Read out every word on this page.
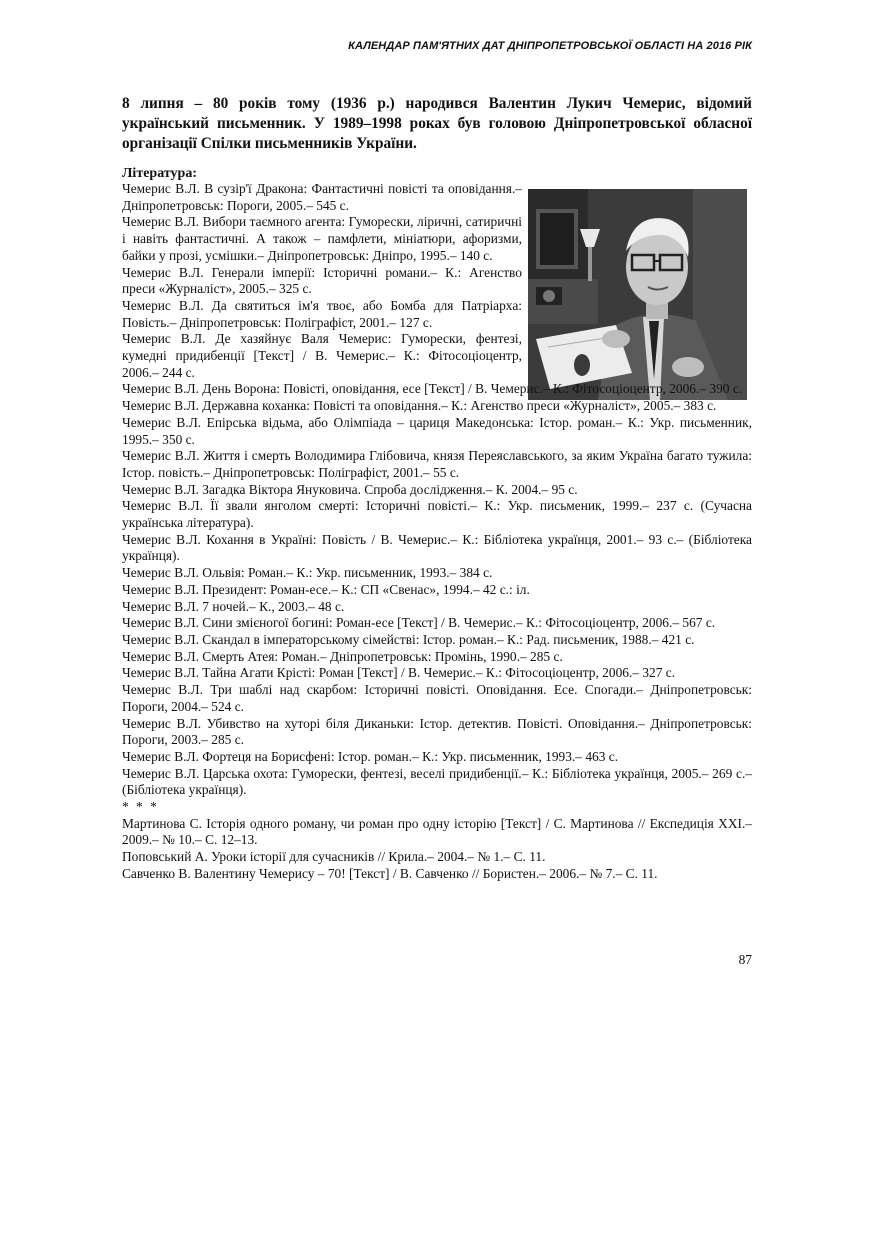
КАЛЕНДАР ПАМ'ЯТНИХ ДАТ ДНІПРОПЕТРОВСЬКОЇ ОБЛАСТІ НА 2016 РІК
8 липня – 80 років тому (1936 р.) народився Валентин Лукич Чемерис, відомий український письменник. У 1989–1998 роках був головою Дніпропетровської обласної організації Спілки письменників України.
Література:

Чемерис В.Л. В сузір'ї Дракона: Фантастичні повісті та оповідання.– Дніпропетровськ: Пороги, 2005.– 545 с.

Чемерис В.Л. Вибори таємного агента: Гуморески, ліричні, сатиричні і навіть фантастичні. А також – памфлети, мініатюри, афоризми, байки у прозі, усмішки.– Дніпропетровськ: Дніпро, 1995.– 140 с.

Чемерис В.Л. Генерали імперії: Історичні романи.– К.: Агенство преси «Журналіст», 2005.– 325 с.

Чемерис В.Л. Да святиться ім'я твоє, або Бомба для Патріарха: Повість.– Дніпропетровськ: Поліграфіст, 2001.– 127 с.

Чемерис В.Л. Де хазяйнує Валя Чемерис: Гуморески, фентезі, кумедні придибенції [Текст] / В. Чемерис.– К.: Фітосоціоцентр, 2006.– 244 с.

Чемерис В.Л. День Ворона: Повісті, оповідання, есе [Текст] / В. Чемерис.– К.: Фітосоціоцентр, 2006.– 390 с.

Чемерис В.Л. Державна коханка: Повісті та оповідання.– К.: Агенство преси «Журналіст», 2005.– 383 с.

Чемерис В.Л. Епірська відьма, або Олімпіада – цариця Македонська: Істор. роман.– К.: Укр. письменник, 1995.– 350 с.

Чемерис В.Л. Життя і смерть Володимира Глібовича, князя Переяславського, за яким Україна багато тужила: Істор. повість.– Дніпропетровськ: Поліграфіст, 2001.– 55 с.

Чемерис В.Л. Загадка Віктора Януковича. Спроба дослідження.– К. 2004.– 95 с.

Чемерис В.Л. Її звали янголом смерті: Історичні повісті.– К.: Укр. письменик, 1999.– 237 с. (Сучасна українська література).

Чемерис В.Л. Кохання в Україні: Повість / В. Чемерис.– К.: Бібліотека українця, 2001.– 93 с.– (Бібліотека українця).

Чемерис В.Л. Ольвія: Роман.– К.: Укр. письменник, 1993.– 384 с.

Чемерис В.Л. Президент: Роман-есе.– К.: СП «Свенас», 1994.– 42 с.: іл.

Чемерис В.Л. 7 ночей.– К., 2003.– 48 с.

Чемерис В.Л. Сини змієногої богині: Роман-есе [Текст] / В. Чемерис.– К.: Фітосоціоцентр, 2006.– 567 с.

Чемерис В.Л. Скандал в імператорському сімействі: Істор. роман.– К.: Рад. письменик, 1988.– 421 с.

Чемерис В.Л. Смерть Атея: Роман.– Дніпропетровськ: Промінь, 1990.– 285 с.

Чемерис В.Л. Тайна Агати Крісті: Роман [Текст] / В. Чемерис.– К.: Фітосоціоцентр, 2006.– 327 с.

Чемерис В.Л. Три шаблі над скарбом: Історичні повісті. Оповідання. Есе. Спогади.– Дніпропетровськ: Пороги, 2004.– 524 с.

Чемерис В.Л. Убивство на хуторі біля Диканьки: Істор. детектив. Повісті. Оповідання.– Дніпропетровськ: Пороги, 2003.– 285 с.

Чемерис В.Л. Фортеця на Борисфені: Істор. роман.– К.: Укр. письменник, 1993.– 463 с.

Чемерис В.Л. Царська охота: Гуморески, фентезі, веселі придибенції.– К.: Бібліотека українця, 2005.– 269 с.– (Бібліотека українця).

* * *

Мартинова С. Історія одного роману, чи роман про одну історію [Текст] / С. Мартинова // Експедиція XXI.– 2009.– № 10.– С. 12–13.

Поповський А. Уроки історії для сучасників // Крила.– 2004.– № 1.– С. 11.

Савченко В. Валентину Чемерису – 70! [Текст] / В. Савченко // Бористен.– 2006.– № 7.– С. 11.

87
